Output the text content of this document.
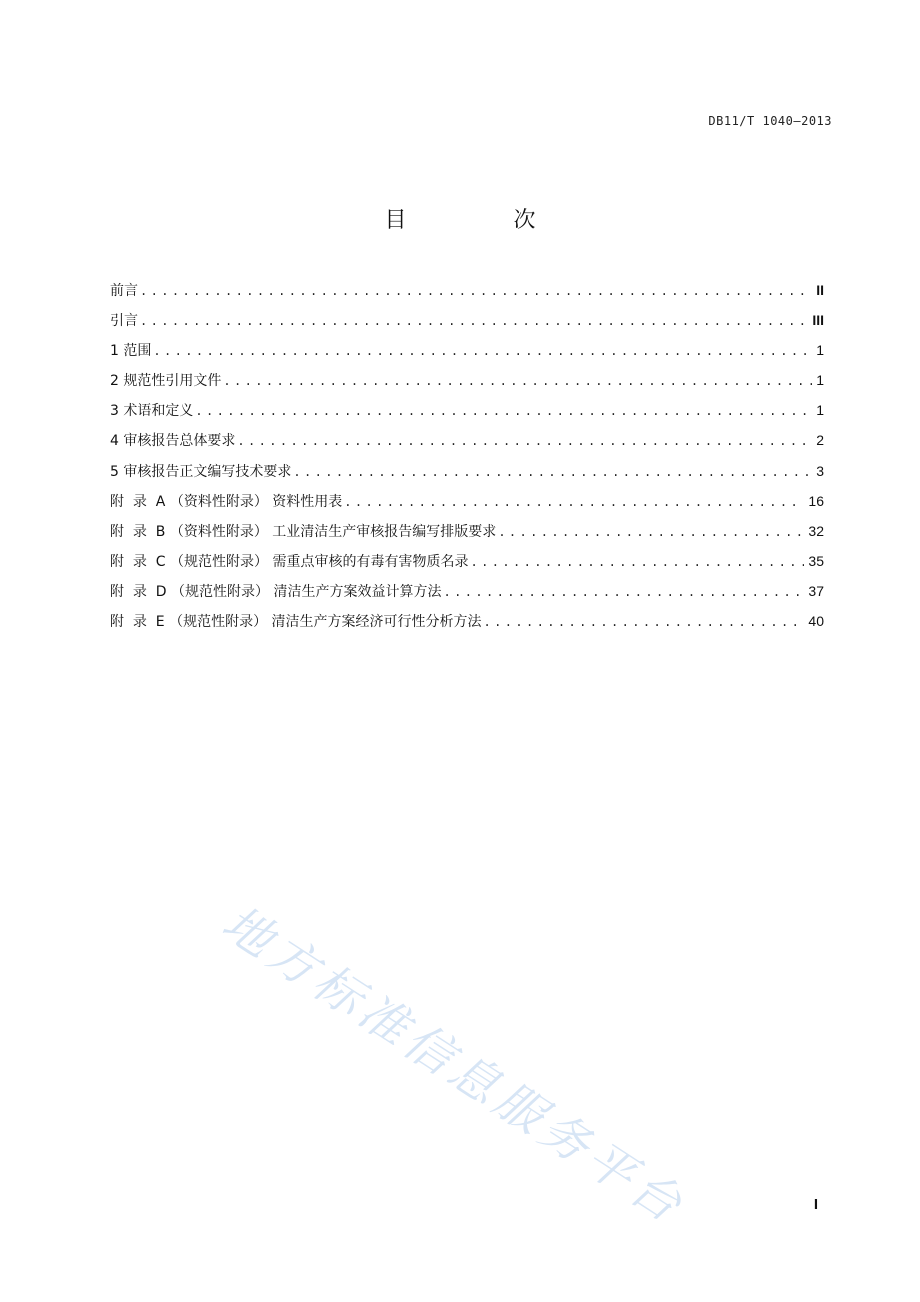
DB11/T 1040—2013
目 次
前言 .....	II
引言 .....	III
1 范围 .....	1
2 规范性引用文件 .....	1
3 术语和定义 .....	1
4 审核报告总体要求 .....	2
5 审核报告正文编写技术要求 .....	3
附  录  A （资料性附录） 资料性用表 .....	16
附  录  B （资料性附录） 工业清洁生产审核报告编写排版要求 .....	32
附  录  C （规范性附录） 需重点审核的有毒有害物质名录 .....	35
附  录  D （规范性附录） 清洁生产方案效益计算方法 .....	37
附  录  E （规范性附录） 清洁生产方案经济可行性分析方法 .....	40
地方标准信息服务平台	I
